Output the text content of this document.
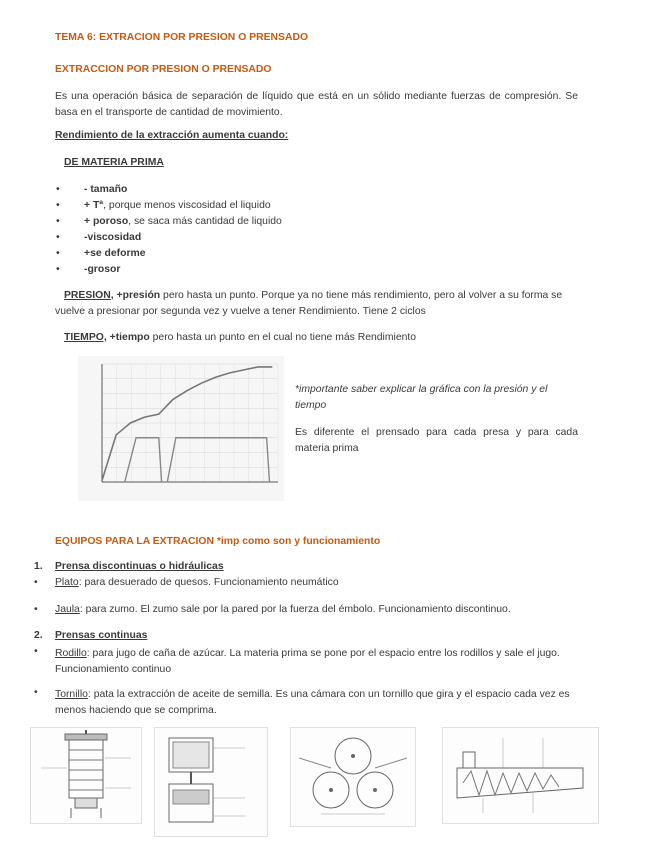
TEMA 6: EXTRACION POR PRESION O PRENSADO
EXTRACCION POR PRESION O PRENSADO
Es una operación básica de separación de líquido que está en un sólido mediante fuerzas de compresión. Se basa en el transporte de cantidad de movimiento.
Rendimiento de la extracción aumenta cuando:
DE MATERIA PRIMA
• - tamaño
• + Tª, porque menos viscosidad el liquido
• + poroso, se saca más cantidad de liquido
• -viscosidad
• +se deforme
• -grosor
PRESION, +presión pero hasta un punto. Porque ya no tiene más rendimiento, pero al volver a su forma se vuelve a presionar por segunda vez y vuelve a tener Rendimiento. Tiene 2 ciclos
TIEMPO, +tiempo pero hasta un punto en el cual no tiene más Rendimiento
*importante saber explicar la gráfica con la presión y el tiempo
Es diferente el prensado para cada presa y para cada materia prima
EQUIPOS PARA LA EXTRACION *imp como son y funcionamiento
1. Prensa discontinuas o hidráulicas
• Plato: para desuerado de quesos. Funcionamiento neumático
• Jaula: para zumo. El zumo sale por la pared por la fuerza del émbolo. Funcionamiento discontinuo.
2. Prensas continuas
• Rodillo: para jugo de caña de azúcar. La materia prima se pone por el espacio entre los rodillos y sale el jugo. Funcionamiento continuo
• Tornillo: pata la extracción de aceite de semilla. Es una cámara con un tornillo que gira y el espacio cada vez es menos haciendo que se comprima.
